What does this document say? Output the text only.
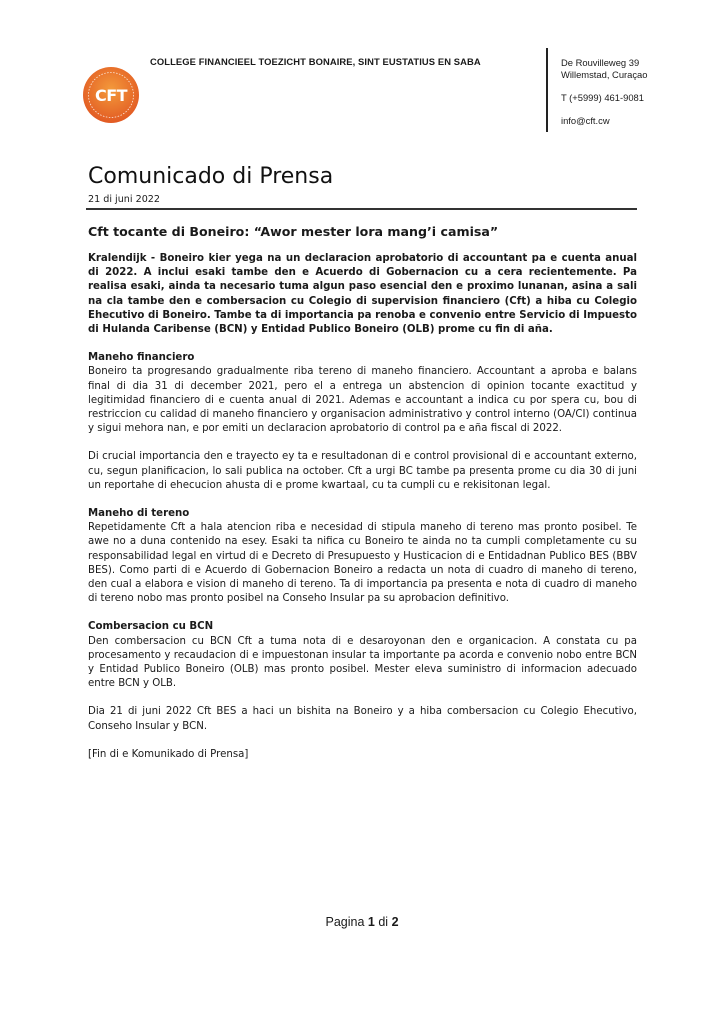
CFT
COLLEGE FINANCIEEL TOEZICHT BONAIRE, SINT EUSTATIUS EN SABA	De Rouvilleweg 39
Willemstad, Curaçao
T (+5999) 461-9081
info@cft.cw
Comunicado di Prensa
21 di juni 2022
Cft tocante di Boneiro: “Awor mester lora mang’i camisa”

Kralendijk - Boneiro kier yega na un declaracion aprobatorio di accountant pa e cuenta anual di 2022. A inclui esaki tambe den e Acuerdo di Gobernacion cu a cera recientemente. Pa realisa esaki, ainda ta necesario tuma algun paso esencial den e proximo lunanan, asina a sali na cla tambe den e combersacion cu Colegio di supervision financiero (Cft) a hiba cu Colegio Ehecutivo di Boneiro. Tambe ta di importancia pa renoba e convenio entre Servicio di Impuesto di Hulanda Caribense (BCN) y Entidad Publico Boneiro (OLB) prome cu fin di aña.

Maneho financiero

Boneiro ta progresando gradualmente riba tereno di maneho financiero. Accountant a aproba e balans final di dia 31 di december 2021, pero el a entrega un abstencion di opinion tocante exactitud y legitimidad financiero di e cuenta anual di 2021. Ademas e accountant a indica cu por spera cu, bou di restriccion cu calidad di maneho financiero y organisacion administrativo y control interno (OA/CI) continua y sigui mehora nan, e por emiti un declaracion aprobatorio di control pa e aña fiscal di 2022.

Di crucial importancia den e trayecto ey ta e resultadonan di e control provisional di e accountant externo, cu, segun planificacion, lo sali publica na october. Cft a urgi BC tambe pa presenta prome cu dia 30 di juni un reportahe di ehecucion ahusta di e prome kwartaal, cu ta cumpli cu e rekisitonan legal.

Maneho di tereno

Repetidamente Cft a hala atencion riba e necesidad di stipula maneho di tereno mas pronto posibel. Te awe no a duna contenido na esey. Esaki ta nifica cu Boneiro te ainda no ta cumpli completamente cu su responsabilidad legal en virtud di e Decreto di Presupuesto y Husticacion di e Entidadnan Publico BES (BBV BES). Como parti di e Acuerdo di Gobernacion Boneiro a redacta un nota di cuadro di maneho di tereno, den cual a elabora e vision di maneho di tereno. Ta di importancia pa presenta e nota di cuadro di maneho di tereno nobo mas pronto posibel na Conseho Insular pa su aprobacion definitivo.

Combersacion cu BCN

Den combersacion cu BCN Cft a tuma nota di e desaroyonan den e organicacion. A constata cu pa procesamento y recaudacion di e impuestonan insular ta importante pa acorda e convenio nobo entre BCN y Entidad Publico Boneiro (OLB) mas pronto posibel. Mester eleva suministro di informacion adecuado entre BCN y OLB.

Dia 21 di juni 2022 Cft BES a haci un bishita na Boneiro y a hiba combersacion cu Colegio Ehecutivo, Conseho Insular y BCN.

[Fin di e Komunikado di Prensa]

Pagina 1 di 2
